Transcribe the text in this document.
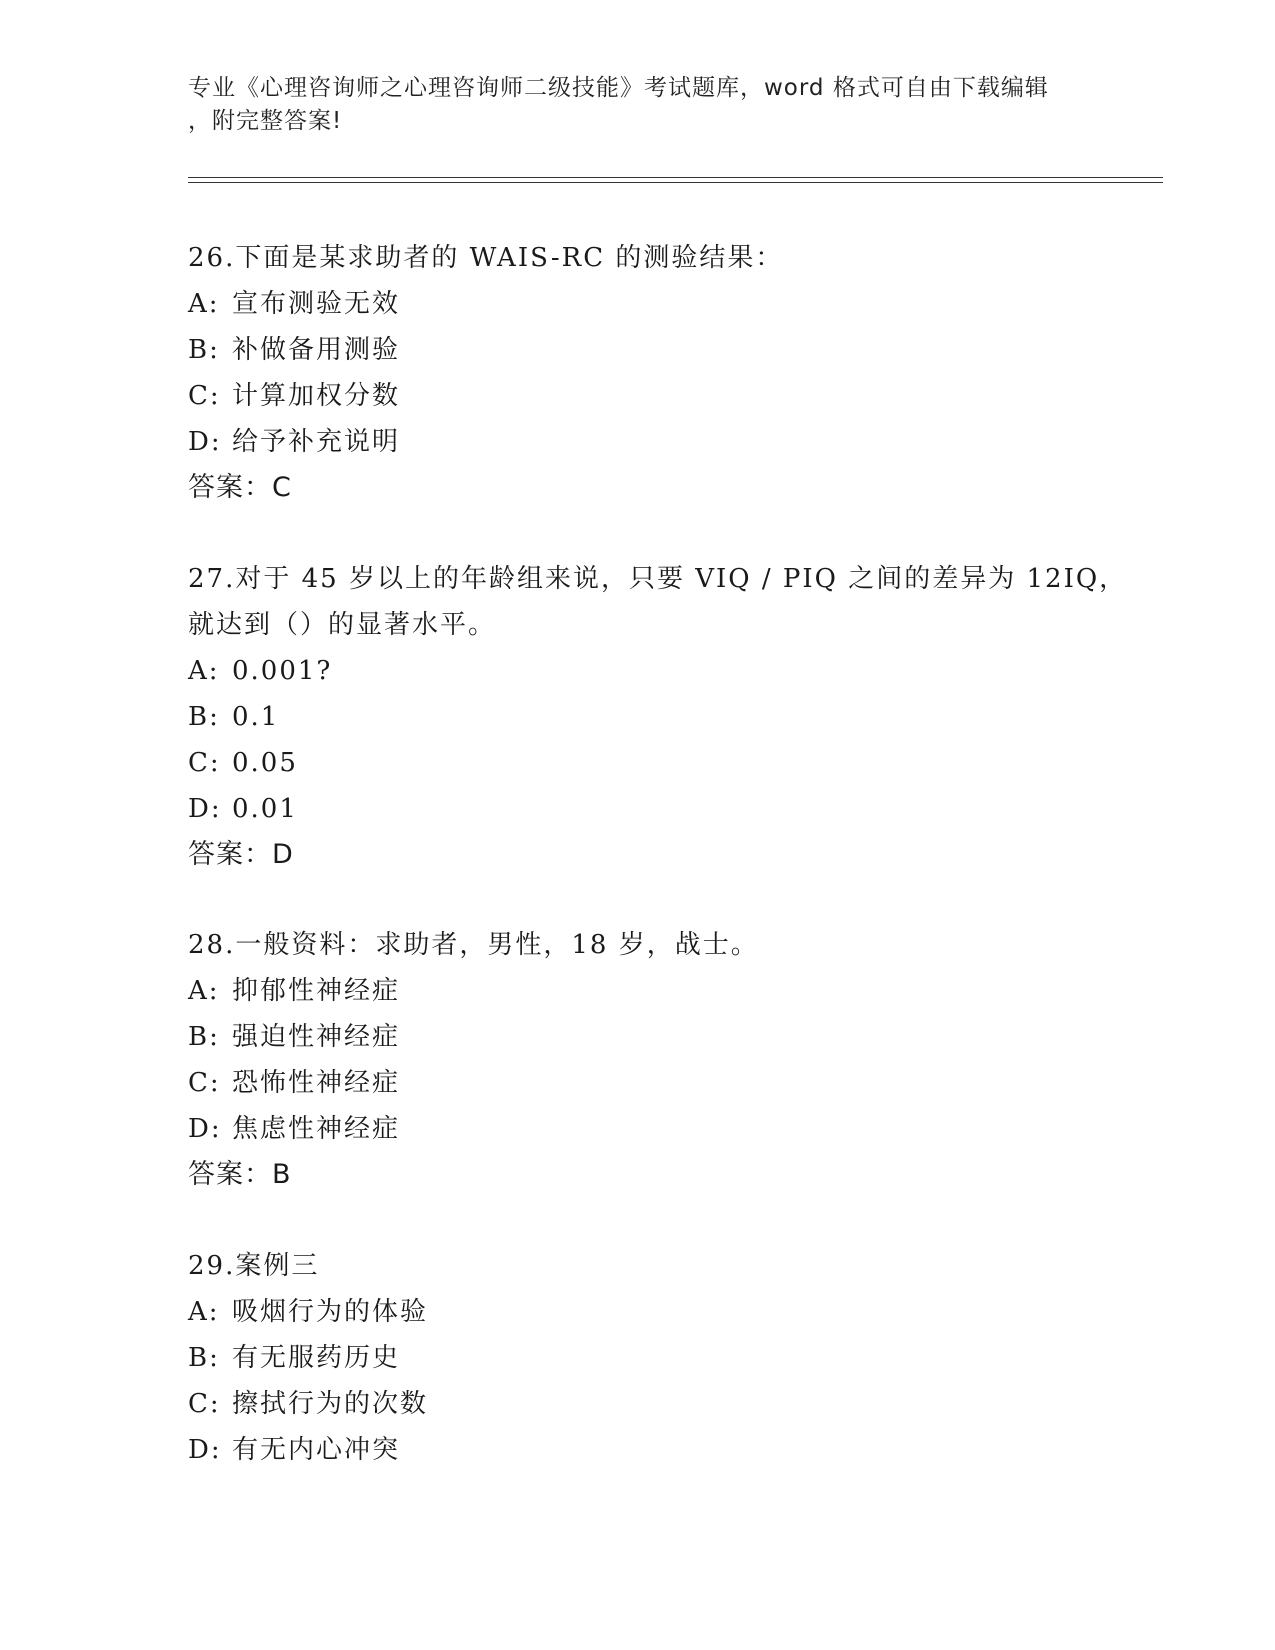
专业《心理咨询师之心理咨询师二级技能》考试题库，word 格式可自由下载编辑
，附完整答案!
26.下面是某求助者的 WAIS-RC 的测验结果：
A: 宣布测验无效
B: 补做备用测验
C: 计算加权分数
D: 给予补充说明
答案：C
27.对于 45 岁以上的年龄组来说，只要 VIQ / PIQ 之间的差异为 12IQ，
就达到（）的显著水平。
A: 0.001?
B: 0.1
C: 0.05
D: 0.01
答案：D
28.一般资料：求助者，男性，18 岁，战士。
A: 抑郁性神经症
B: 强迫性神经症
C: 恐怖性神经症
D: 焦虑性神经症
答案：B
29.案例三
A: 吸烟行为的体验
B: 有无服药历史
C: 擦拭行为的次数
D: 有无内心冲突
